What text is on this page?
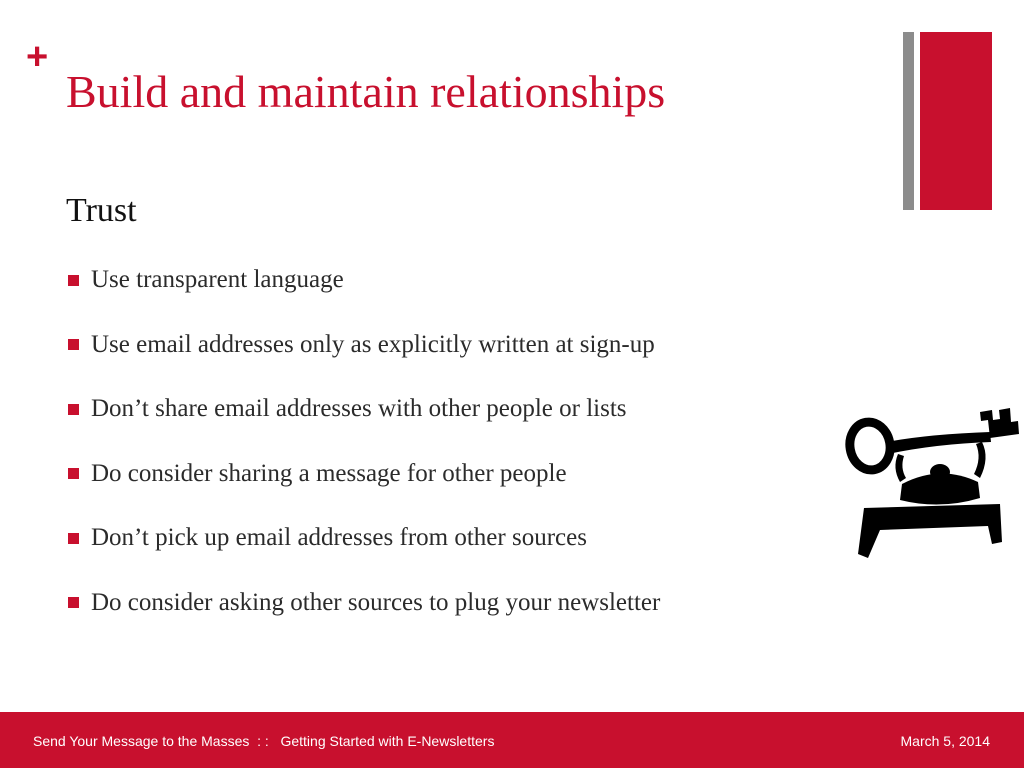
+
Build and maintain relationships
Trust
Use transparent language
Use email addresses only as explicitly written at sign-up
Don’t share email addresses with other people or lists
Do consider sharing a message for other people
Don’t pick up email addresses from other sources
Do consider asking other sources to plug your newsletter
Send Your Message to the Masses  : :   Getting Started with E-Newsletters	March 5, 2014
